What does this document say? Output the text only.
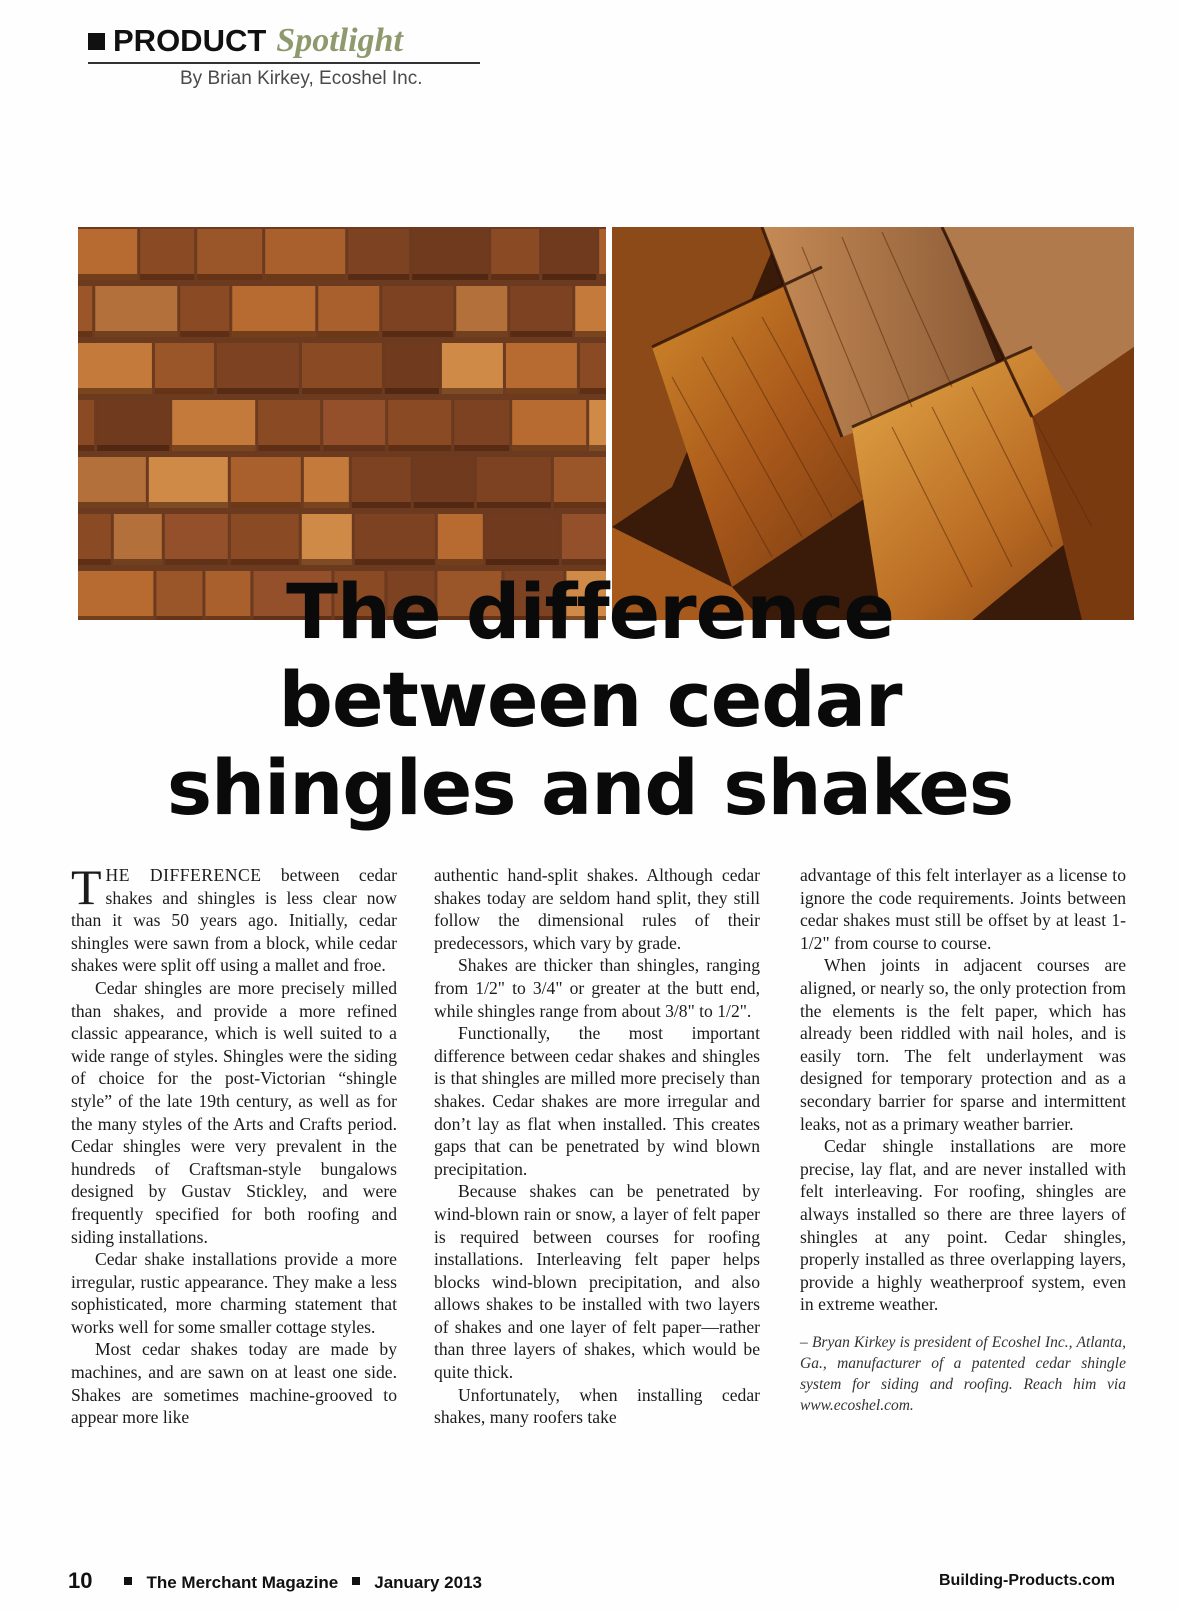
PRODUCT Spotlight
By Brian Kirkey, Ecoshel Inc.
The difference
between cedar
shingles and shakes

THE DIFFERENCE between cedar shakes and shingles is less clear now than it was 50 years ago. Initially, cedar shingles were sawn from a block, while cedar shakes were split off using a mallet and froe.

Cedar shingles are more precisely milled than shakes, and provide a more refined classic appearance, which is well suited to a wide range of styles. Shingles were the siding of choice for the post-Victorian “shingle style” of the late 19th century, as well as for the many styles of the Arts and Crafts period. Cedar shingles were very prevalent in the hundreds of Craftsman-style bungalows designed by Gustav Stickley, and were frequently specified for both roofing and siding installations.

Cedar shake installations provide a more irregular, rustic appearance. They make a less sophisticated, more charming statement that works well for some smaller cottage styles.

Most cedar shakes today are made by machines, and are sawn on at least one side. Shakes are sometimes machine-grooved to appear more like

authentic hand-split shakes. Although cedar shakes today are seldom hand split, they still follow the dimensional rules of their predecessors, which vary by grade.

Shakes are thicker than shingles, ranging from 1/2" to 3/4" or greater at the butt end, while shingles range from about 3/8" to 1/2".

Functionally, the most important difference between cedar shakes and shingles is that shingles are milled more precisely than shakes. Cedar shakes are more irregular and don’t lay as flat when installed. This creates gaps that can be penetrated by wind blown precipitation.

Because shakes can be penetrated by wind-blown rain or snow, a layer of felt paper is required between courses for roofing installations. Interleaving felt paper helps blocks wind-blown precipitation, and also allows shakes to be installed with two layers of shakes and one layer of felt paper—rather than three layers of shakes, which would be quite thick.

Unfortunately, when installing cedar shakes, many roofers take

advantage of this felt interlayer as a license to ignore the code requirements. Joints between cedar shakes must still be offset by at least 1-1/2" from course to course.

When joints in adjacent courses are aligned, or nearly so, the only protection from the elements is the felt paper, which has already been riddled with nail holes, and is easily torn. The felt underlayment was designed for temporary protection and as a secondary barrier for sparse and intermittent leaks, not as a primary weather barrier.

Cedar shingle installations are more precise, lay flat, and are never installed with felt interleaving. For roofing, shingles are always installed so there are three layers of shingles at any point. Cedar shingles, properly installed as three overlapping layers, provide a highly weatherproof system, even in extreme weather.

– Bryan Kirkey is president of Ecoshel Inc., Atlanta, Ga., manufacturer of a patented cedar shingle system for siding and roofing. Reach him via www.ecoshel.com.

10	The Merchant Magazine January 2013	Building-Products.com
